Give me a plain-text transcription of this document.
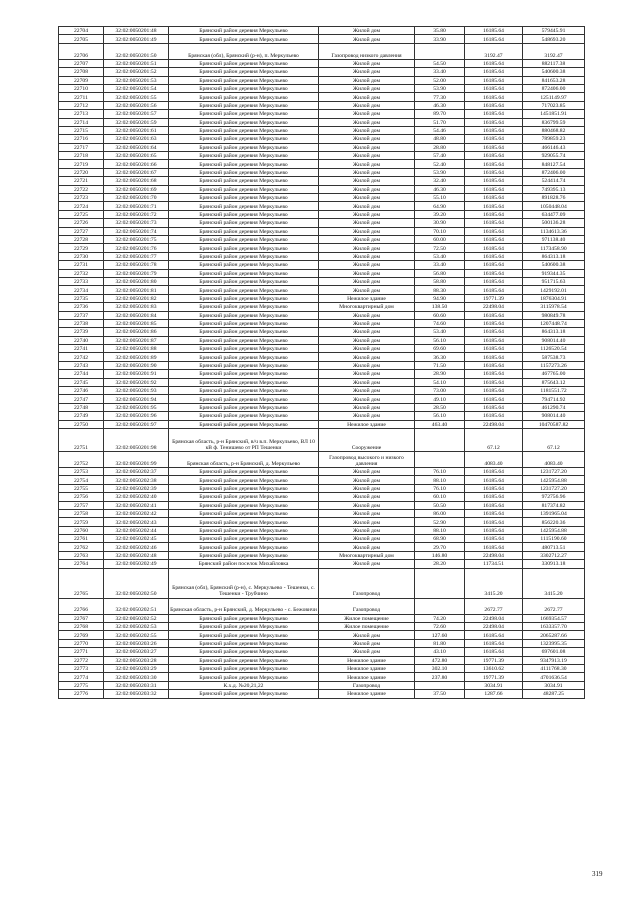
22704	32:02:0050201:48	Брянский район деревня Меркульево	Жилой дом	35.80	16185.64	579445.91
22705	32:02:0050201:49	Брянский район деревня Меркульево	Жилой дом	33.90	16185.64	548693.20
22706	32:02:0050201:50	Брянская (обл), Брянский (р-н), п. Меркульево	Газопровод низкого давления		3192.47	3192.47
22707	32:02:0050201:51	Брянский район деревня Меркульево	Жилой дом	54.50	16185.64	882117.38
22708	32:02:0050201:52	Брянский район деревня Меркульево	Жилой дом	33.40	16185.64	540600.38
22709	32:02:0050201:53	Брянский район деревня Меркульево	Жилой дом	52.00	16185.64	841653.28
22710	32:02:0050201:54	Брянский район деревня Меркульево	Жилой дом	53.90	16185.64	872406.00
22711	32:02:0050201:55	Брянский район деревня Меркульево	Жилой дом	77.30	16185.64	1251149.97
22712	32:02:0050201:56	Брянский район деревня Меркульево	Жилой дом	46.30	16185.64	717023.85
22713	32:02:0050201:57	Брянский район деревня Меркульево	Жилой дом	89.70	16185.64	1451851.91
22714	32:02:0050201:59	Брянский район деревня Меркульево	Жилой дом	51.70	16185.64	836799.59
22715	32:02:0050201:61	Брянский район деревня Меркульево	Жилой дом	54.46	16185.64	880468.82
22716	32:02:0050201:63	Брянский район деревня Меркульево	Жилой дом	48.80	16185.64	789859.23
22717	32:02:0050201:64	Брянский район деревня Меркульево	Жилой дом	28.80	16185.64	466146.43
22718	32:02:0050201:65	Брянский район деревня Меркульево	Жилой дом	57.40	16185.64	929055.74
22719	32:02:0050201:66	Брянский район деревня Меркульево	Жилой дом	52.40	16185.64	848127.54
22720	32:02:0050201:67	Брянский район деревня Меркульево	Жилой дом	53.90	16185.64	872406.00
22721	32:02:0050201:68	Брянский район деревня Меркульево	Жилой дом	32.40	16185.64	524414.74
22722	32:02:0050201:69	Брянский район деревня Меркульево	Жилой дом	46.30	16185.64	749395.13
22723	32:02:0050201:70	Брянский район деревня Меркульево	Жилой дом	55.10	16185.64	891828.76
22724	32:02:0050201:71	Брянский район деревня Меркульево	Жилой дом	64.90	16185.64	1050448.04
22725	32:02:0050201:72	Брянский район деревня Меркульево	Жилой дом	39.20	16185.64	634477.09
22726	32:02:0050201:73	Брянский район деревня Меркульево	Жилой дом	30.90	16185.64	500136.28
22727	32:02:0050201:74	Брянский район деревня Меркульево	Жилой дом	70.10	16185.64	1134613.36
22728	32:02:0050201:75	Брянский район деревня Меркульево	Жилой дом	60.00	16185.64	971138.40
22729	32:02:0050201:76	Брянский район деревня Меркульево	Жилой дом	72.50	16185.64	1173458.90
22730	32:02:0050201:77	Брянский район деревня Меркульево	Жилой дом	53.40	16185.64	864313.18
22731	32:02:0050201:78	Брянский район деревня Меркульево	Жилой дом	33.40	16185.64	540600.38
22732	32:02:0050201:79	Брянский район деревня Меркульево	Жилой дом	56.80	16185.64	919344.35
22733	32:02:0050201:80	Брянский район деревня Меркульево	Жилой дом	58.80	16185.64	951715.63
22734	32:02:0050201:81	Брянский район деревня Меркульево	Жилой дом	88.30	16185.64	1429192.01
22735	32:02:0050201:82	Брянский район деревня Меркульево	Нежилое здание	94.90	19771.39	1876304.91
22736	32:02:0050201:83	Брянский район деревня Меркульево	Многоквартирный дом	138.50	22498.04	3115978.54
22737	32:02:0050201:84	Брянский район деревня Меркульево	Жилой дом	60.60	16185.64	980849.78
22738	32:02:0050201:85	Брянский район деревня Меркульево	Жилой дом	74.60	16185.64	1207448.74
22739	32:02:0050201:86	Брянский район деревня Меркульево	Жилой дом	53.40	16185.64	864313.18
22740	32:02:0050201:87	Брянский район деревня Меркульево	Жилой дом	56.10	16185.64	908014.40
22741	32:02:0050201:88	Брянский район деревня Меркульево	Жилой дом	69.60	16185.64	1126520.54
22742	32:02:0050201:89	Брянский район деревня Меркульево	Жилой дом	36.30	16185.64	587538.73
22743	32:02:0050201:90	Брянский район деревня Меркульево	Жилой дом	71.50	16185.64	1157273.26
22744	32:02:0050201:91	Брянский район деревня Меркульево	Жилой дом	28.90	16185.64	467765.00
22745	32:02:0050201:92	Брянский район деревня Меркульево	Жилой дом	54.10	16185.64	875643.12
22746	32:02:0050201:93	Брянский район деревня Меркульево	Жилой дом	73.00	16185.64	1181551.72
22747	32:02:0050201:94	Брянский район деревня Меркульево	Жилой дом	49.10	16185.64	794714.92
22748	32:02:0050201:95	Брянский район деревня Меркульево	Жилой дом	28.50	16185.64	461290.74
22749	32:02:0050201:96	Брянский район деревня Меркульево	Жилой дом	56.10	16185.64	908014.40
22750	32:02:0050201:97	Брянский район деревня Меркульево	Нежилое здание	463.40	22498.04	10470587.82
22751	32:02:0050201:98	Брянская область, р-н Брянский, в/ч в.п. Меркульево, ВЛ 10 кВ ф. Тенишево от РП Тешенки	Сооружение		67.12	67.12
22752	32:02:0050201:99	Брянская область, р-н Брянский, д. Меркульево	Газопровод высокого и низкого давления		4083.40	4083.40
22753	32:02:0050202:37	Брянский район деревня Меркульево	Жилой дом	76.10	16185.64	1231727.20
22754	32:02:0050202:38	Брянский район деревня Меркульево	Жилой дом	88.10	16185.64	1425954.88
22755	32:02:0050202:39	Брянский район деревня Меркульево	Жилой дом	76.10	16185.64	1231727.20
22756	32:02:0050202:40	Брянский район деревня Меркульево	Жилой дом	60.10	16185.64	972756.96
22757	32:02:0050202:41	Брянский район деревня Меркульево	Жилой дом	50.50	16185.64	817374.82
22758	32:02:0050202:42	Брянский район деревня Меркульево	Жилой дом	86.00	16185.64	1391965.04
22759	32:02:0050202:43	Брянский район деревня Меркульево	Жилой дом	52.90	16185.64	856220.36
22760	32:02:0050202:44	Брянский район деревня Меркульево	Жилой дом	88.10	16185.64	1425954.88
22761	32:02:0050202:45	Брянский район деревня Меркульево	Жилой дом	68.90	16185.64	1115190.60
22762	32:02:0050202:46	Брянский район деревня Меркульево	Жилой дом	29.70	16185.64	480713.51
22763	32:02:0050202:48	Брянский район деревня Меркульево	Многоквартирный дом	146.80	22498.04	3302712.27
22764	32:02:0050202:49	Брянский район поселок Михайловка	Жилой дом	28.20	11734.51	330913.18
22765	32:02:0050202:50	Брянская (обл), Брянский (р-н), с. Меркульево - Тешенки, с. Тешенки - Трубчино	Газопровод		3415.20	3415.20
22766	32:02:0050202:51	Брянская область, р-н Брянский, д. Меркульево - с. Бежовичи	Газопровод		2672.77	2672.77
22767	32:02:0050202:52	Брянский район деревня Меркульево	Жилое помещение	74.20	22498.04	1669354.57
22768	32:02:0050202:53	Брянский район деревня Меркульево	Жилое помещение	72.60	22498.04	1633357.70
22769	32:02:0050202:55	Брянский район деревня Меркульево	Жилой дом	127.60	16185.64	2065287.66
22770	32:02:0050203:26	Брянский район деревня Меркульево	Жилой дом	81.80	16185.64	1323995.35
22771	32:02:0050203:27	Брянский район деревня Меркульево	Жилой дом	43.10	16185.64	697601.08
22772	32:02:0050203:28	Брянский район деревня Меркульево	Нежилое здание	472.80	19771.39	9347913.19
22773	32:02:0050203:29	Брянский район деревня Меркульево	Нежилое здание	302.10	13610.62	4111768.30
22774	32:02:0050203:30	Брянский район деревня Меркульево	Нежилое здание	237.80	19771.39	4701636.54
22775	32:02:0050203:31	К.х.д. №20,21,22	Газопровод		3034.91	3034.91
22776	32:02:0050203:32	Брянский район деревня Меркульево	Нежилое здание	37.50	1287.66	48287.25
319
